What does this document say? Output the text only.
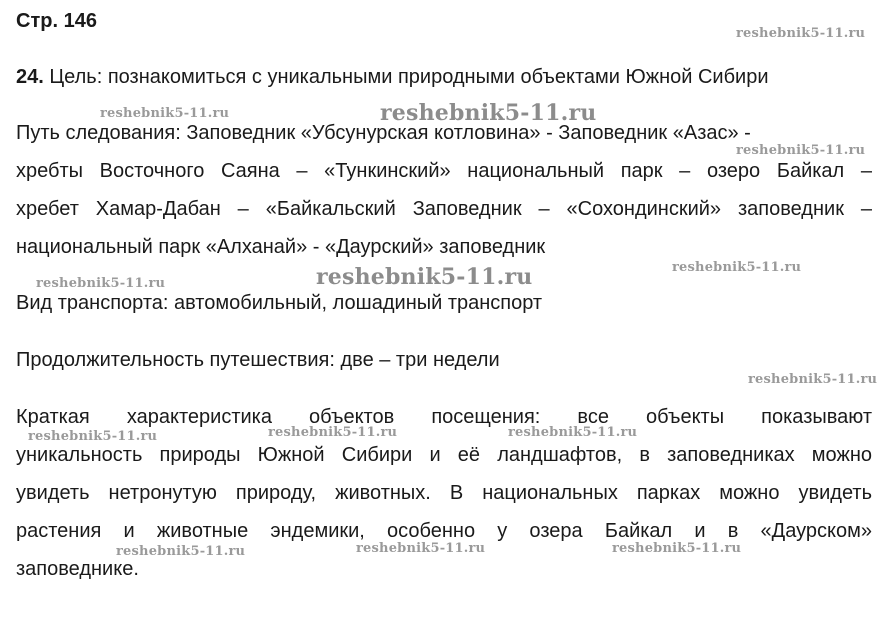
Стр. 146
24. Цель: познакомиться с уникальными природными объектами Южной Сибири
Путь следования: Заповедник «Убсунурская котловина» - Заповедник «Азас» -
хребты Восточного Саяна – «Тункинский» национальный парк – озеро Байкал –
хребет Хамар-Дабан – «Байкальский Заповедник – «Сохондинский» заповедник –
национальный парк «Алханай» - «Даурский» заповедник
Вид транспорта: автомобильный, лошадиный транспорт
Продолжительность путешествия: две – три недели
Краткая характеристика объектов посещения: все объекты показывают
уникальность природы Южной Сибири и её ландшафтов, в заповедниках можно
увидеть нетронутую природу, животных. В национальных парках можно увидеть
растения и животные эндемики, особенно у озера Байкал и в «Даурском»
заповеднике.
reshebnik5-11.ru
reshebnik5-11.ru	reshebnik5-11.ru
reshebnik5-11.ru
reshebnik5-11.ru	reshebnik5-11.ru	reshebnik5-11.ru
reshebnik5-11.ru
reshebnik5-11.ru	reshebnik5-11.ru	reshebnik5-11.ru
reshebnik5-11.ru	reshebnik5-11.ru	reshebnik5-11.ru
